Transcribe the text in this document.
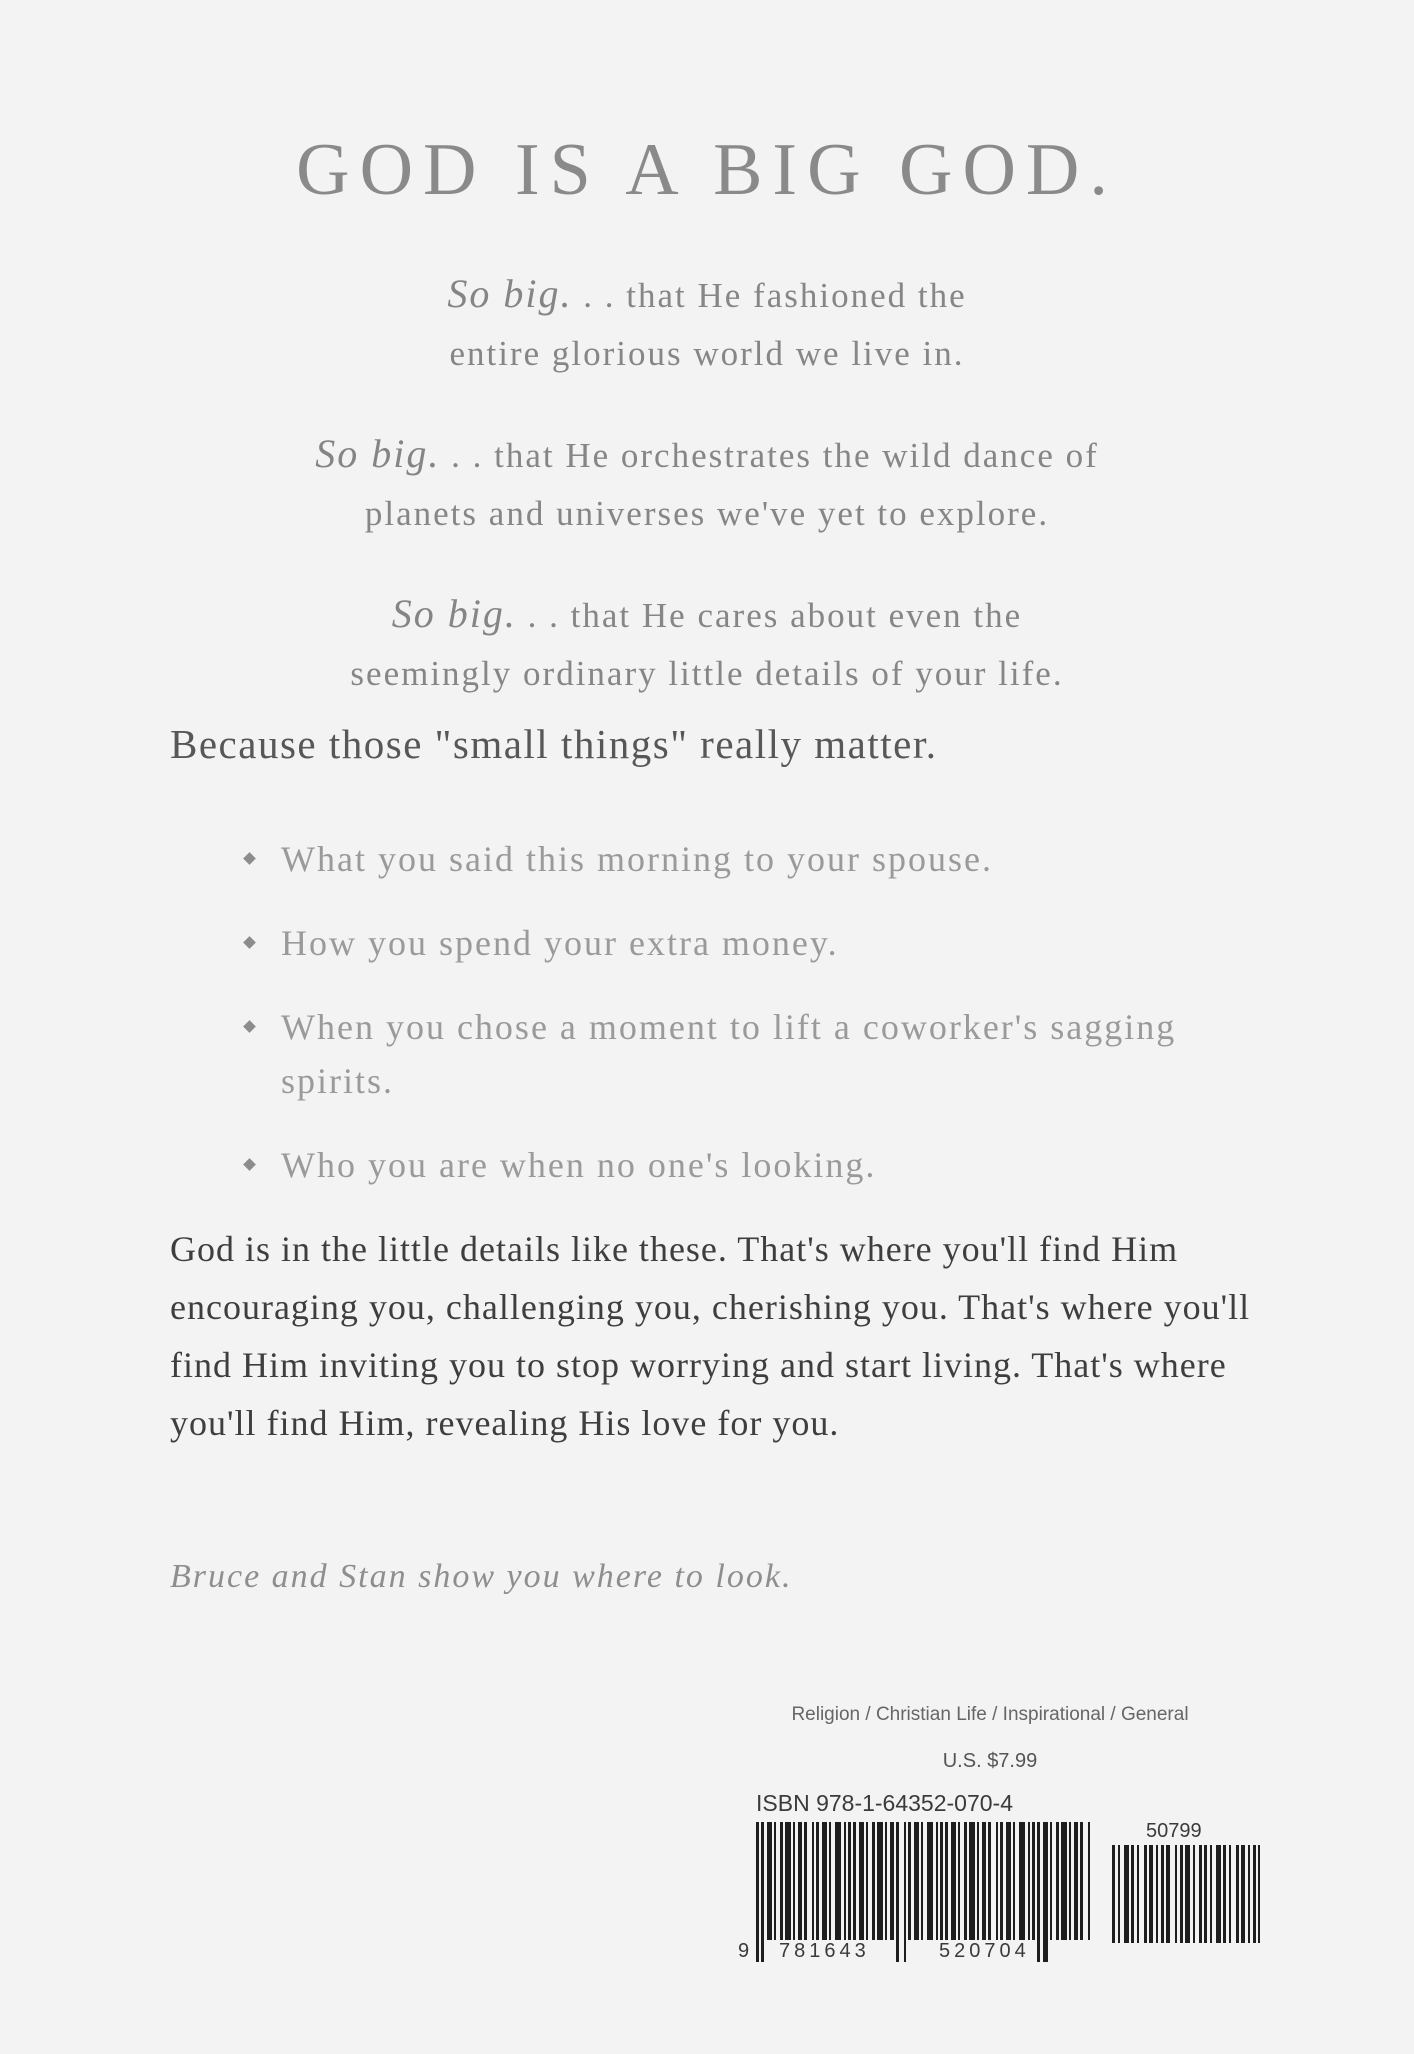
GOD IS A BIG GOD.

So big. . . that He fashioned the
entire glorious world we live in.

So big. . . that He orchestrates the wild dance of
planets and universes we've yet to explore.

So big. . . that He cares about even the
seemingly ordinary little details of your life.

Because those "small things" really matter.

What you said this morning to your spouse.
How you spend your extra money.
When you chose a moment to lift a coworker's sagging spirits.
Who you are when no one's looking.

God is in the little details like these. That's where you'll find Him encouraging you, challenging you, cherishing you. That's where you'll find Him inviting you to stop worrying and start living. That's where you'll find Him, revealing His love for you.

Bruce and Stan show you where to look.

Religion / Christian Life / Inspirational / General

U.S. $7.99

ISBN 978-1-64352-070-4

50799

9 781643	520704
